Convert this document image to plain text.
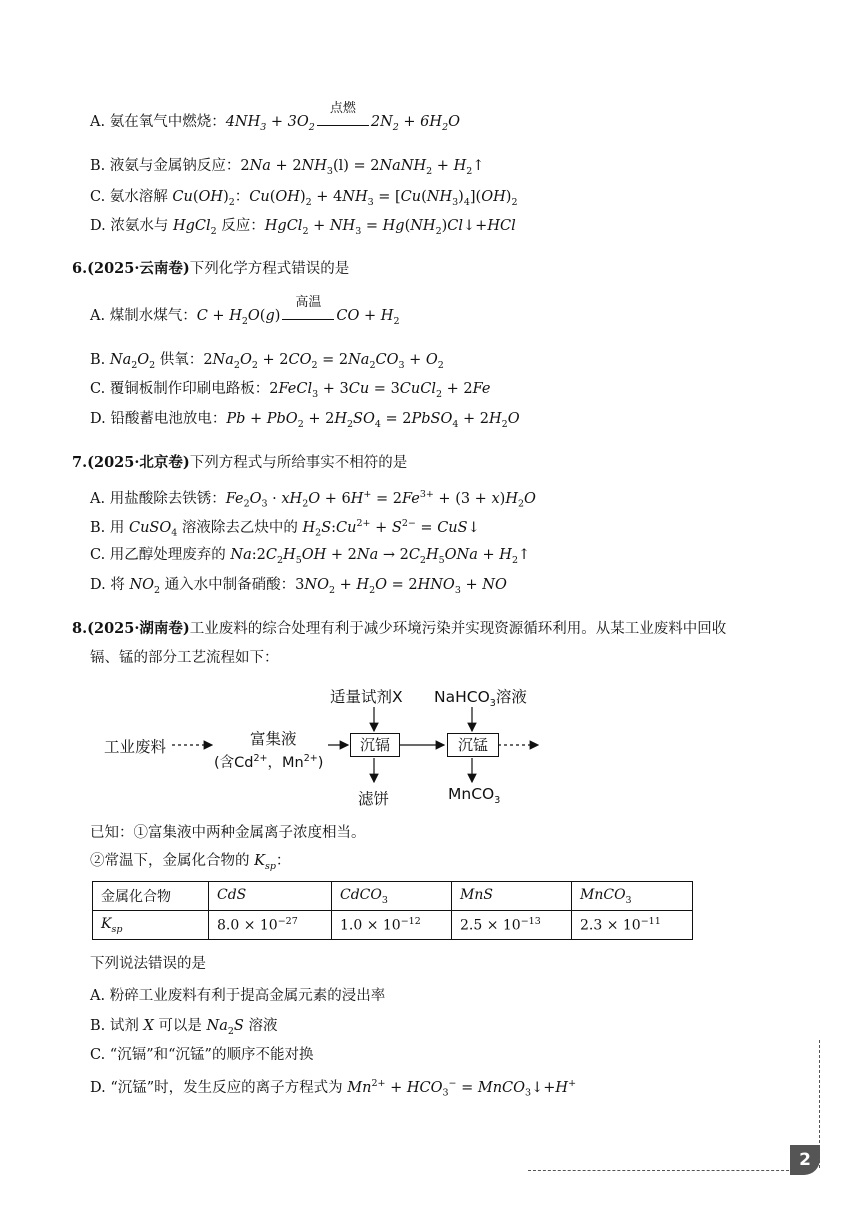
A. 氨在氧气中燃烧：$4NH_3 + 3O_2$
点燃
$2N_2 + 6H_2O$
B. 液氨与金属钠反应：$2Na + 2NH_3(l)$ = 2NaNH$_2$ + $H_2↑$
C. 氨水溶解 $Cu(OH)_2$：$Cu(OH)_2 + 4NH_3 = [Cu(NH_3)_4](OH)_2$
D. 浓氨水与 HgCl$_2$ 反应：HgCl$_2$ + $NH_3$ = $Hg(NH_2)Cl↓+HCl$
6.(2025·云南卷)下列化学方程式错误的是
A. 煤制水煤气：$C + H_2O(g)$
高温
CO + $H_2$
B. $Na_2O_2$ 供氧：$2Na_2O_2 + 2CO_2 = 2Na_2CO_3 + O_2$
C. 覆铜板制作印刷电路板：2FeCl$_3$ + 3Cu = 3CuCl$_2$ + 2Fe
D. 铅酸蓄电池放电：$Pb + PbO_2 + 2H_2SO_4$ = 2PbSO$_4$ + $2H_2O$
7.(2025·北京卷)下列方程式与所给事实不相符的是
A. 用盐酸除去铁锈：$Fe_2O_3 \cdot xH_2O + 6H^+ = 2Fe^{3+} + (3 + x)H_2O$
B. 用 CuSO$_4$ 溶液除去乙炔中的 $H_2S:Cu^{2+} + S^{2-}$ = CuS↓
C. 用乙醇处理废弃的 $Na:2C_2H_5OH + 2Na \to 2C_2H_5ONa$ + $H_2↑$
D. 将 $NO_2$ 通入水中制备硝酸：$3NO_2 + H_2O = 2HNO_3$ + NO
8.(2025·湖南卷)工业废料的综合处理有利于减少环境污染并实现资源循环利用。从某工业废料中回收
镉、锰的部分工艺流程如下：
适量试剂X NaHCO$_3$溶液
工业废料	富集液
(含$Cd^{2+}$，$Mn^{2+}$)
沉镉	沉锰
滤饼	MnCO$_3$
已知：①富集液中两种金属离子浓度相当。
②常温下，金属化合物的 $K_{sp}$：
金属化合物	CdS	CdCO$_3$	MnS	MnCO$_3$
$K_{sp}$	$8.0 \times 10^{-27}$	$1.0 \times 10^{-12}$	$2.5 \times 10^{-13}$	$2.3 \times 10^{-11}$
下列说法错误的是
A. 粉碎工业废料有利于提高金属元素的浸出率
B. 试剂 X 可以是 $Na_2S$ 溶液
C. “沉镉”和“沉锰”的顺序不能对换
D. “沉锰”时，发生反应的离子方程式为 $Mn^{2+} + HCO_3^-$ = MnCO$_3$↓+H+
2
